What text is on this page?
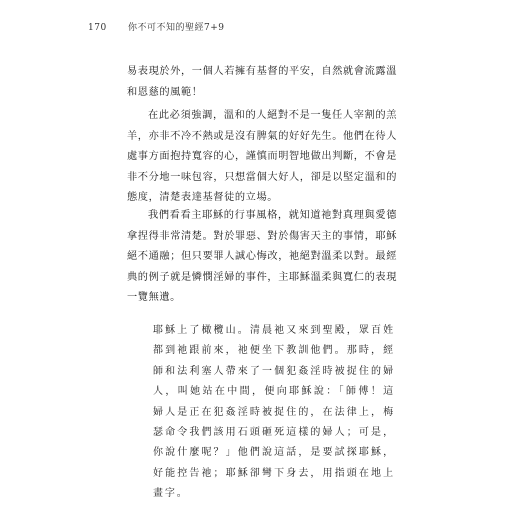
170 你不可不知的聖經7+9

易表現於外，一個人若擁有基督的平安，自然就會流露溫和恩慈的風範！

在此必須強調，溫和的人絕對不是一隻任人宰割的羔羊，亦非不冷不熱或是沒有脾氣的好好先生。他們在待人處事方面抱持寬容的心，謹慎而明智地做出判斷，不會是非不分地一味包容，只想當個大好人，卻是以堅定溫和的態度，清楚表達基督徒的立場。

我們看看主耶穌的行事風格，就知道祂對真理與愛德拿捏得非常清楚。對於罪惡、對於傷害天主的事情，耶穌絕不通融；但只要罪人誠心悔改，祂絕對溫柔以對。最經典的例子就是憐憫淫婦的事件，主耶穌溫柔與寬仁的表現一覽無遺。

耶穌上了橄欖山。清晨祂又來到聖殿，眾百姓都到祂跟前來，祂便坐下教訓他們。那時，經師和法利塞人帶來了一個犯姦淫時被捉住的婦人，叫她站在中間，便向耶穌說：「師傅！這婦人是正在犯姦淫時被捉住的，在法律上，梅瑟命令我們該用石頭砸死這樣的婦人；可是，你說什麼呢？」他們說這話，是要試探耶穌，好能控告祂；耶穌卻彎下身去，用指頭在地上畫字。
